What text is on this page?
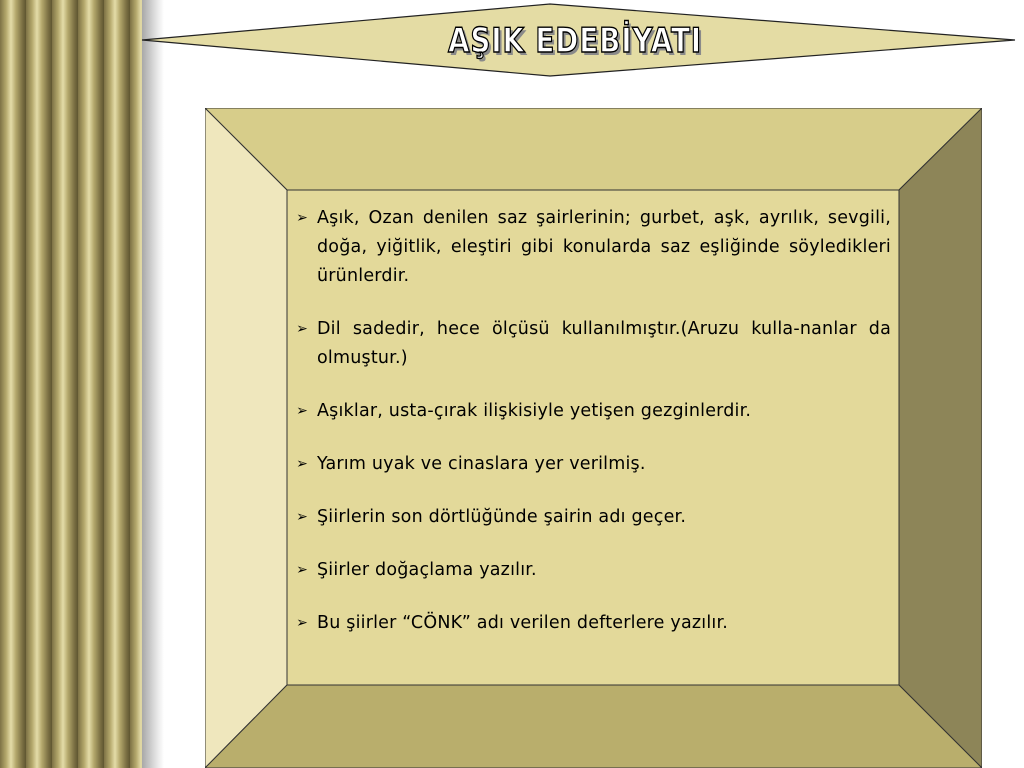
AŞIK EDEBİYATI
➢ Aşık, Ozan denilen saz şairlerinin; gurbet, aşk, ayrılık, sevgili, doğa, yiğitlik, eleştiri gibi konularda saz eşliğinde söyledikleri ürünlerdir.
➢ Dil sadedir, hece ölçüsü kullanılmıştır.(Aruzu kulla-nanlar da olmuştur.)
➢ Aşıklar, usta-çırak ilişkisiyle yetişen gezginlerdir.
➢ Yarım uyak ve cinaslara yer verilmiş.
➢ Şiirlerin son dörtlüğünde şairin adı geçer.
➢ Şiirler doğaçlama yazılır.
➢ Bu şiirler “CÖNK” adı verilen defterlere yazılır.
